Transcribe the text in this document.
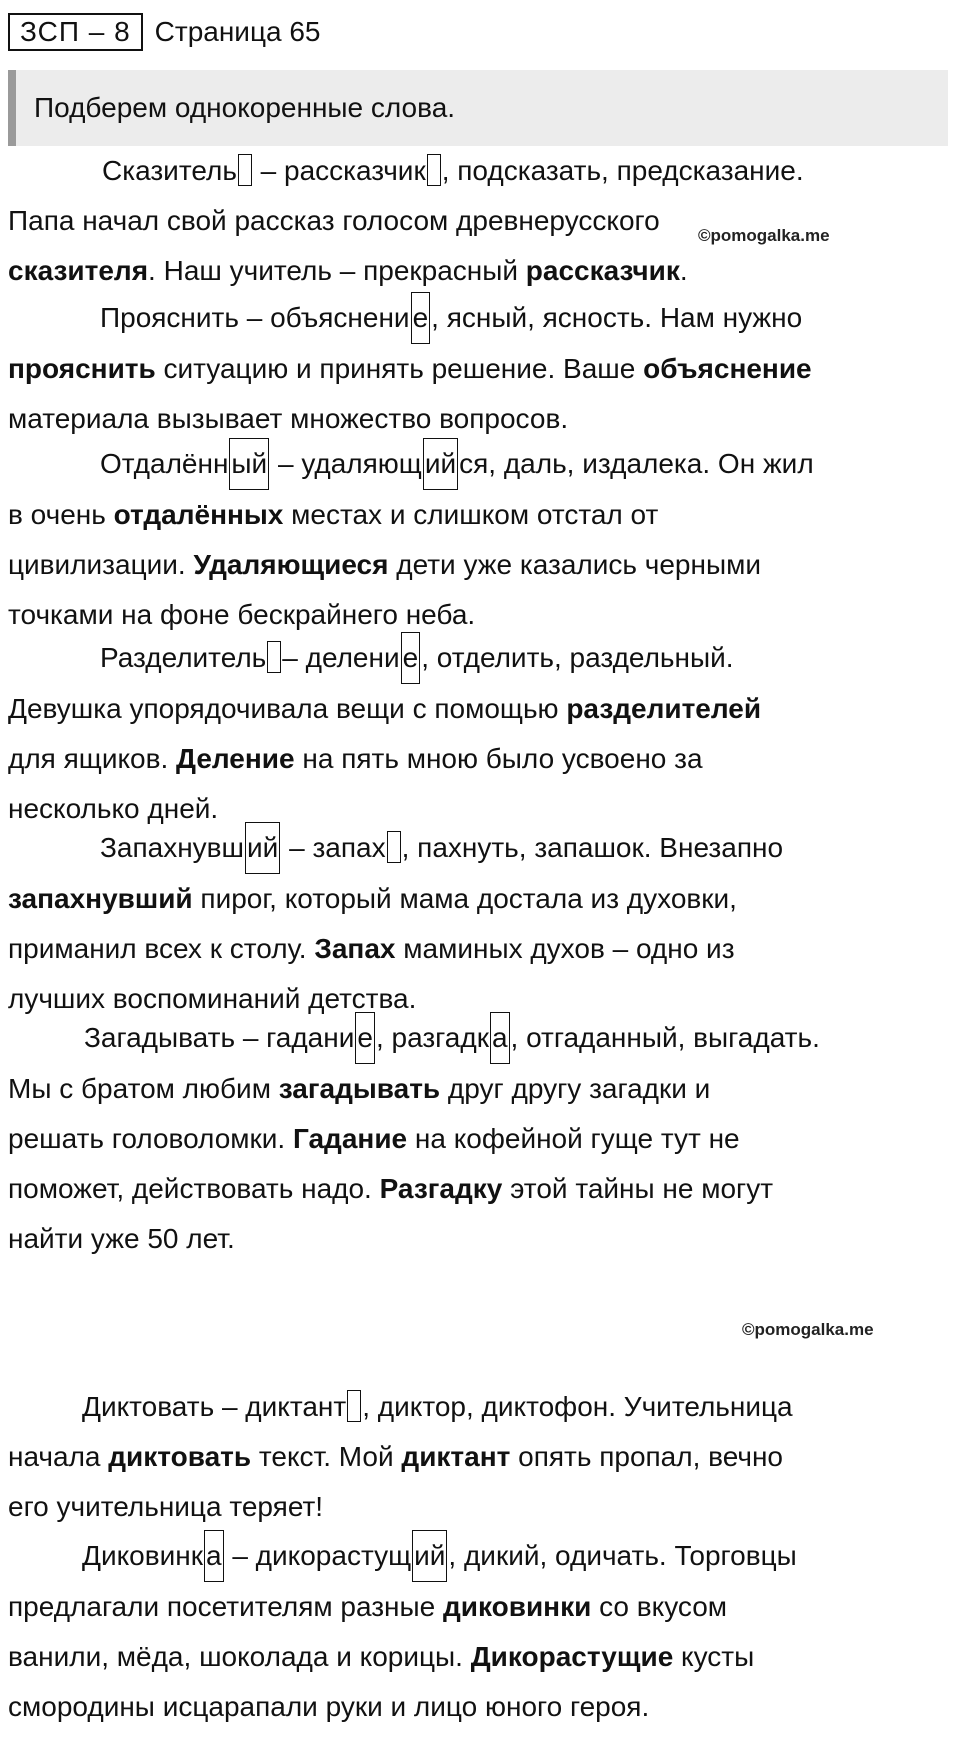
ЗСП – 8 Страница 65
Подберем однокоренные слова.

Сказитель – рассказчик , подсказать, предсказание.

Папа начал свой рассказ голосом древнерусского

сказителя. Наш учитель – прекрасный рассказчик.

©pomogalka.me

Прояснить – объяснени е , ясный, ясность. Нам нужно

прояснить ситуацию и принять решение. Ваше объяснение

материала вызывает множество вопросов.

Отдалённ ый – удаляющ ий ся, даль, издалека. Он жил

в очень отдалённых местах и слишком отстал от

цивилизации. Удаляющиеся дети уже казались черными

точками на фоне бескрайнего неба.

Разделитель – делени е , отделить, раздельный.

Девушка упорядочивала вещи с помощью разделителей

для ящиков. Деление на пять мною было усвоено за

несколько дней.

Запахнувш ий – запах , пахнуть, запашок. Внезапно

запахнувший пирог, который мама достала из духовки,

приманил всех к столу. Запах маминых духов – одно из

лучших воспоминаний детства.

Загадывать – гадани е , разгадк а , отгаданный, выгадать.

Мы с братом любим загадывать друг другу загадки и

решать головоломки. Гадание на кофейной гуще тут не

поможет, действовать надо. Разгадку этой тайны не могут

найти уже 50 лет.

©pomogalka.me

Диктовать – диктант , диктор, диктофон. Учительница

начала диктовать текст. Мой диктант опять пропал, вечно

его учительница теряет!

Диковинк а – дикорастущ ий , дикий, одичать. Торговцы

предлагали посетителям разные диковинки со вкусом

ванили, мёда, шоколада и корицы. Дикорастущие кусты

смородины исцарапали руки и лицо юного героя.
